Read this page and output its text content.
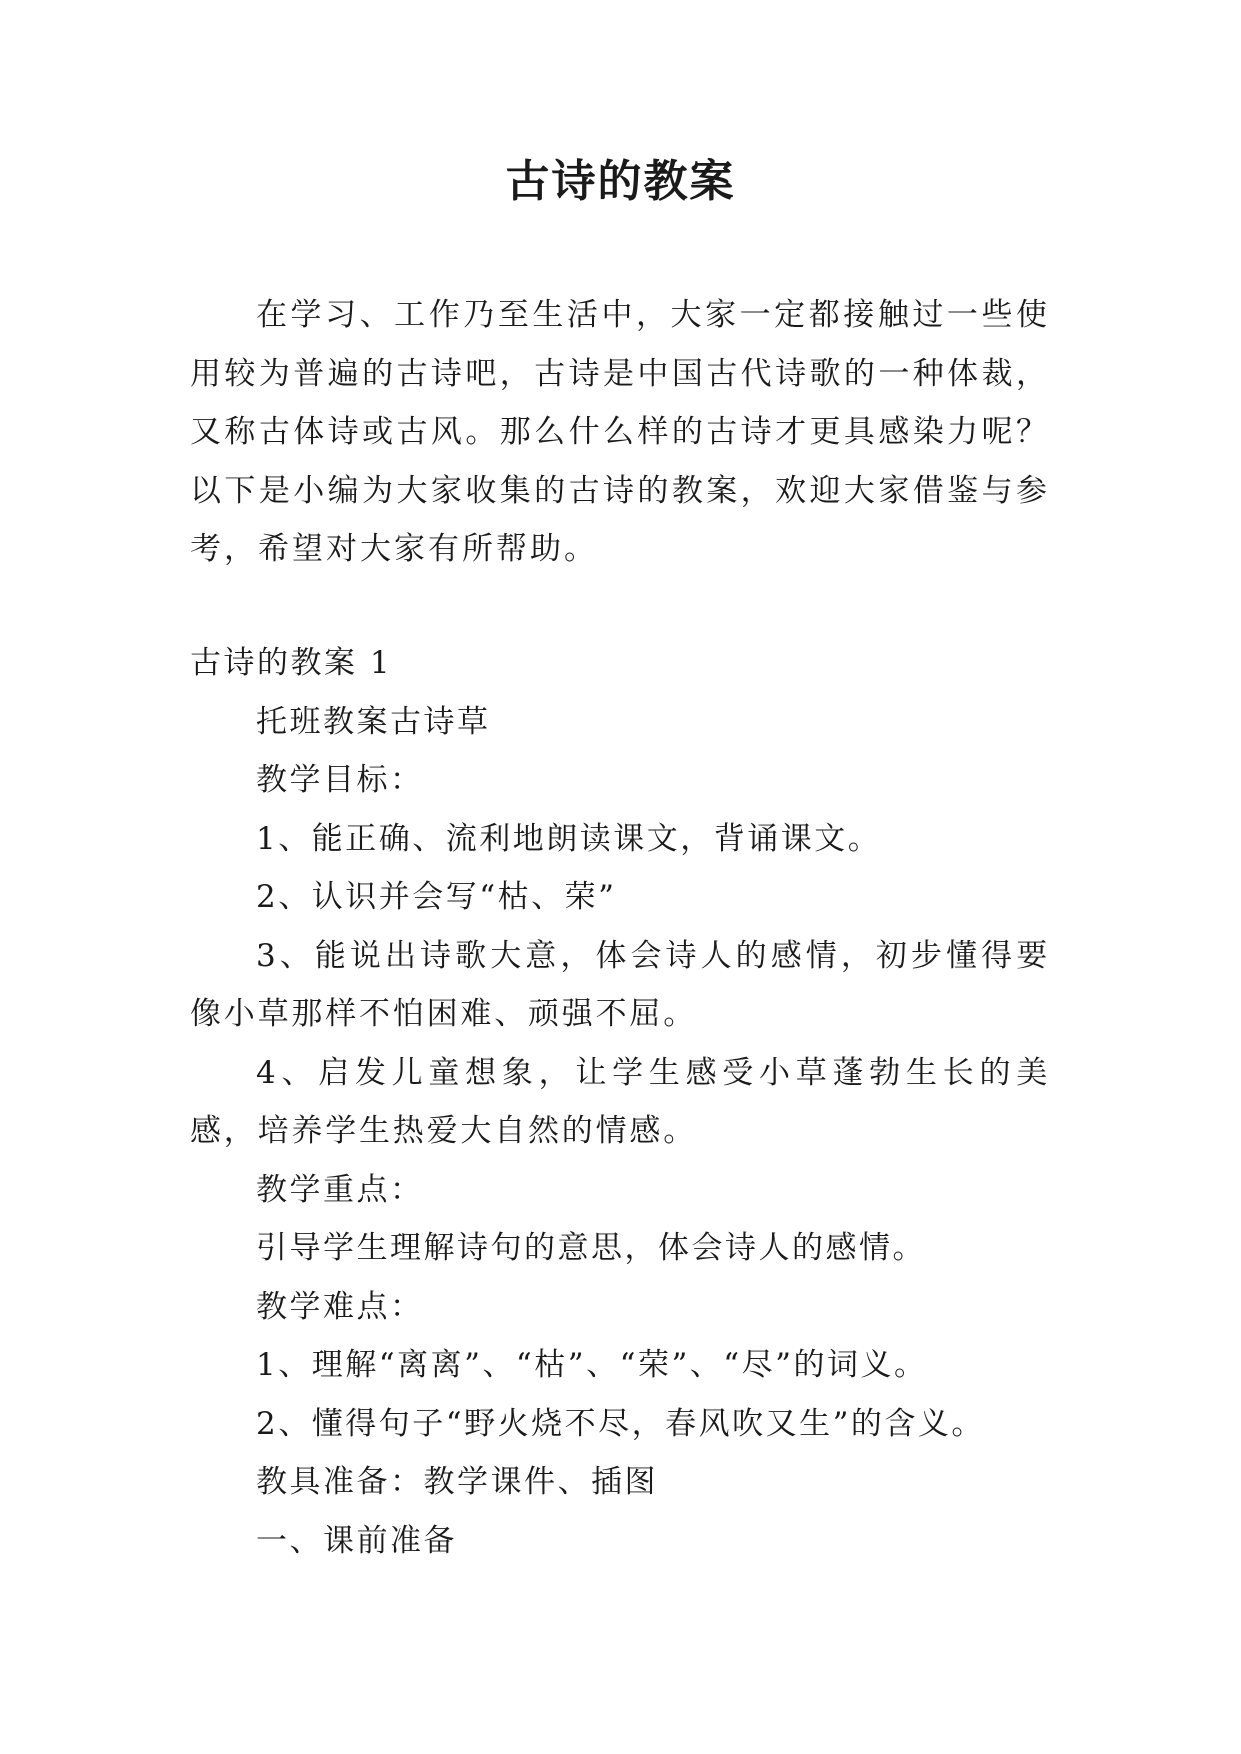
古诗的教案

在学习、工作乃至生活中，大家一定都接触过一些使用较为普遍的古诗吧，古诗是中国古代诗歌的一种体裁，又称古体诗或古风。那么什么样的古诗才更具感染力呢？以下是小编为大家收集的古诗的教案，欢迎大家借鉴与参考，希望对大家有所帮助。

古诗的教案 1

托班教案古诗草

教学目标：

1、能正确、流利地朗读课文，背诵课文。

2、认识并会写“枯、荣”

3、能说出诗歌大意，体会诗人的感情，初步懂得要像小草那样不怕困难、顽强不屈。

4、启发儿童想象，让学生感受小草蓬勃生长的美感，培养学生热爱大自然的情感。

教学重点：

引导学生理解诗句的意思，体会诗人的感情。

教学难点：

1、理解“离离”、“枯”、“荣”、“尽”的词义。

2、懂得句子“野火烧不尽，春风吹又生”的含义。

教具准备：教学课件、插图

一、课前准备
